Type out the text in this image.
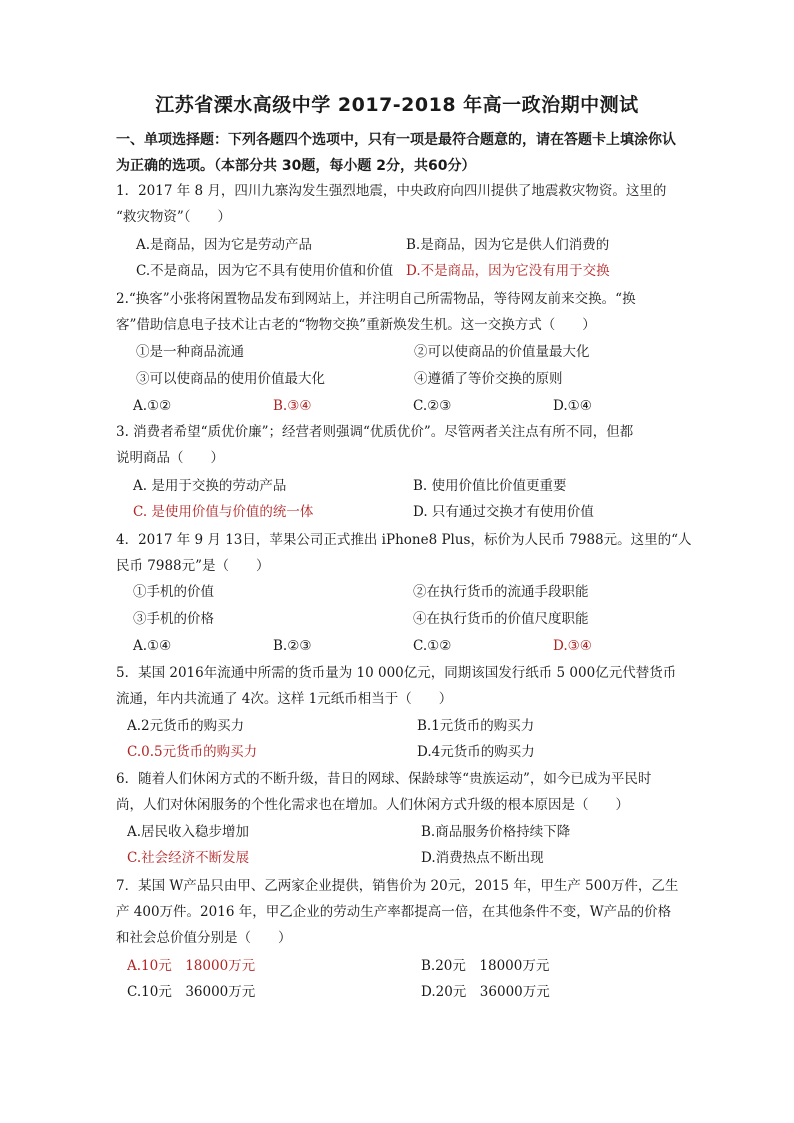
江苏省溧水高级中学 2017-2018 年高一政治期中测试
一、单项选择题：下列各题四个选项中，只有一项是最符合题意的，请在答题卡上填涂你认
为正确的选项。（本部分共 30题，每小题 2分，共60分）
1．2017 年 8 月，四川九寨沟发生强烈地震，中央政府向四川提供了地震救灾物资。这里的
“救灾物资”（　　）
A.是商品，因为它是劳动产品	B.是商品，因为它是供人们消费的
C.不是商品，因为它不具有使用价值和价值 D.不是商品，因为它没有用于交换
2.“换客”小张将闲置物品发布到网站上，并注明自己所需物品，等待网友前来交换。“换
客”借助信息电子技术让古老的“物物交换”重新焕发生机。这一交换方式（　　）
①是一种商品流通	②可以使商品的价值量最大化
③可以使商品的使用价值最大化	④遵循了等价交换的原则
A.①②	B.③④	C.②③	D.①④
3. 消费者希望“质优价廉”；经营者则强调“优质优价”。尽管两者关注点有所不同，但都
说明商品（　　）
A. 是用于交换的劳动产品	B. 使用价值比价值更重要
C. 是使用价值与价值的统一体	D. 只有通过交换才有使用价值
4．2017 年 9 月 13日，苹果公司正式推出 iPhone8 Plus，标价为人民币 7988元。这里的“人
民币 7988元”是（　　）
①手机的价值	②在执行货币的流通手段职能
③手机的价格	④在执行货币的价值尺度职能
A.①④	B.②③	C.①②	D.③④
5．某国 2016年流通中所需的货币量为 10 000亿元，同期该国发行纸币 5 000亿元代替货币
流通，年内共流通了 4次。这样 1元纸币相当于（　　）
A.2元货币的购买力	B.1元货币的购买力
C.0.5元货币的购买力	D.4元货币的购买力
6．随着人们休闲方式的不断升级，昔日的网球、保龄球等“贵族运动”，如今已成为平民时
尚，人们对休闲服务的个性化需求也在增加。人们休闲方式升级的根本原因是（　　）
A.居民收入稳步增加	B.商品服务价格持续下降
C.社会经济不断发展	D.消费热点不断出现
7．某国 W产品只由甲、乙两家企业提供，销售价为 20元，2015 年，甲生产 500万件，乙生
产 400万件。2016 年，甲乙企业的劳动生产率都提高一倍，在其他条件不变，W产品的价格
和社会总价值分别是（　　）
A.10元　18000万元	B.20元　18000万元
C.10元　36000万元	D.20元　36000万元
